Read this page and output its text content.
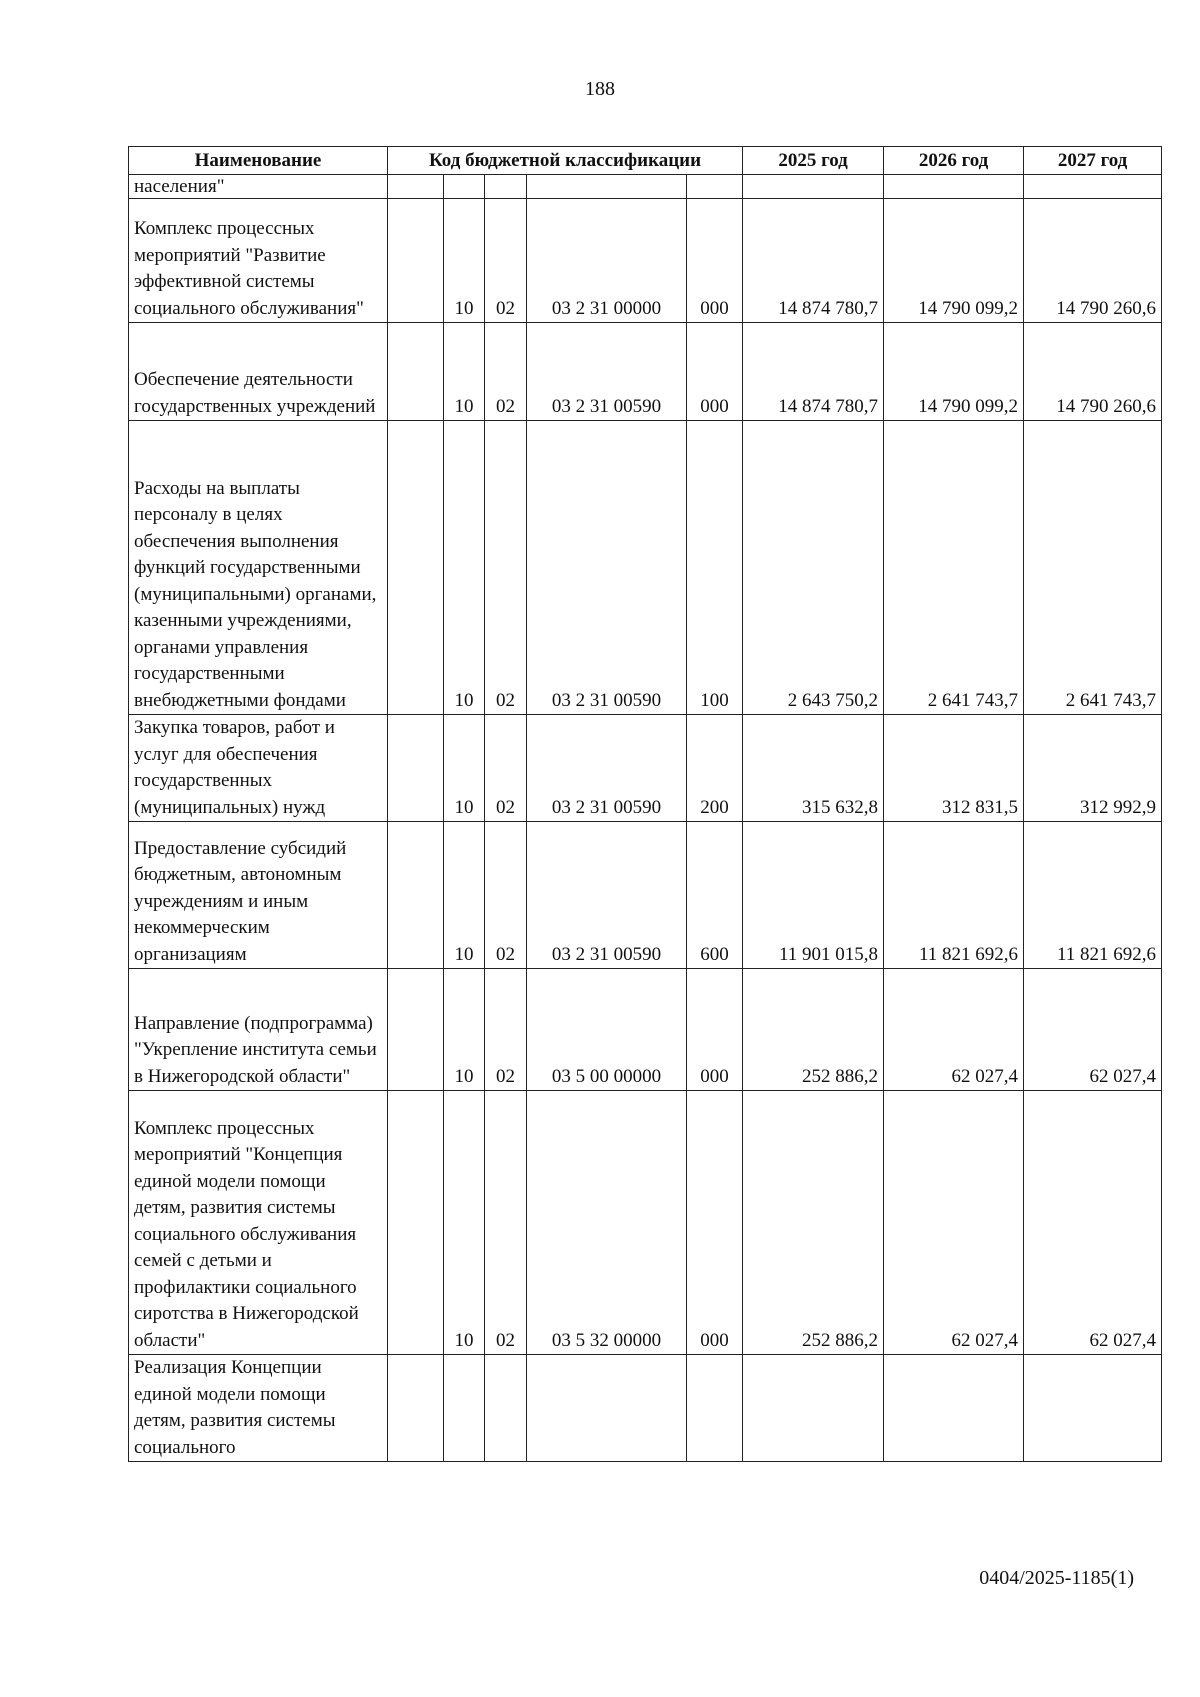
188
Наименование	Код бюджетной классификации					2025 год	2026 год	2027 год
населения"								
Комплекс процессных мероприятий "Развитие эффективной системы социального обслуживания"		10	02	03 2 31 00000	000	14 874 780,7	14 790 099,2	14 790 260,6
Обеспечение деятельности государственных учреждений		10	02	03 2 31 00590	000	14 874 780,7	14 790 099,2	14 790 260,6
Расходы на выплаты персоналу в целях обеспечения выполнения функций государственными (муниципальными) органами, казенными учреждениями, органами управления государственными внебюджетными фондами		10	02	03 2 31 00590	100	2 643 750,2	2 641 743,7	2 641 743,7
Закупка товаров, работ и услуг для обеспечения государственных (муниципальных) нужд		10	02	03 2 31 00590	200	315 632,8	312 831,5	312 992,9
Предоставление субсидий бюджетным, автономным учреждениям и иным некоммерческим организациям		10	02	03 2 31 00590	600	11 901 015,8	11 821 692,6	11 821 692,6
Направление (подпрограмма) "Укрепление института семьи в Нижегородской области"		10	02	03 5 00 00000	000	252 886,2	62 027,4	62 027,4
Комплекс процессных мероприятий "Концепция единой модели помощи детям, развития системы социального обслуживания семей с детьми и профилактики социального сиротства в Нижегородской области"		10	02	03 5 32 00000	000	252 886,2	62 027,4	62 027,4
Реализация Концепции единой модели помощи детям, развития системы социального								
0404/2025-1185(1)
